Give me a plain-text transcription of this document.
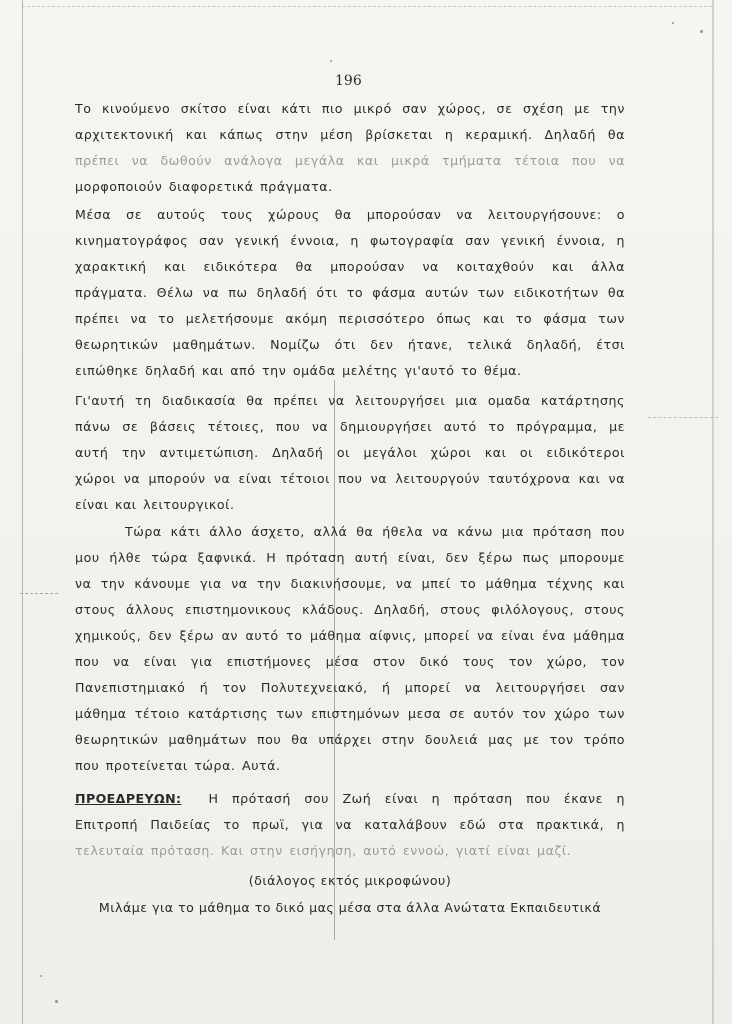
196
Το κινούμενο σκίτσο είναι κάτι πιο μικρό σαν χώρος, σε σχέση με την
αρχιτεκτονική και κάπως στην μέση βρίσκεται η κεραμική. Δηλαδή θα
πρέπει να δωθούν ανάλογα μεγάλα και μικρά τμήματα τέτοια που να
μορφοποιούν διαφορετικά πράγματα.
Μέσα σε αυτούς τους χώρους θα μπορούσαν να λειτουργήσουνε: ο
κινηματογράφος σαν γενική έννοια, η φωτογραφία σαν γενική έννοια, η
χαρακτική και ειδικότερα θα μπορούσαν να κοιταχθούν και άλλα
πράγματα. Θέλω να πω δηλαδή ότι το φάσμα αυτών των ειδικοτήτων θα
πρέπει να το μελετήσουμε ακόμη περισσότερο όπως και το φάσμα των
θεωρητικών μαθημάτων. Νομίζω ότι δεν ήτανε, τελικά δηλαδή, έτσι
ειπώθηκε δηλαδή και από την ομάδα μελέτης γι'αυτό το θέμα.
Γι'αυτή τη διαδικασία θα πρέπει να λειτουργήσει μια ομαδα κατάρτησης
πάνω σε βάσεις τέτοιες, που να δημιουργήσει αυτό το πρόγραμμα, με
αυτή την αντιμετώπιση. Δηλαδή οι μεγάλοι χώροι και οι ειδικότεροι
χώροι να μπορούν να είναι τέτοιοι που να λειτουργούν ταυτόχρονα και να
είναι και λειτουργικοί.
Τώρα κάτι άλλο άσχετο, αλλά θα ήθελα να κάνω μια πρόταση που
μου ήλθε τώρα ξαφνικά. Η πρόταση αυτή είναι, δεν ξέρω πως μπορουμε
να την κάνουμε για να την διακινήσουμε, να μπεί το μάθημα τέχνης και
στους άλλους επιστημονικους κλάδους. Δηλαδή, στους φιλόλογους, στους
χημικούς, δεν ξέρω αν αυτό το μάθημα αίφνις, μπορεί να είναι ένα μάθημα
που να είναι για επιστήμονες μέσα στον δικό τους τον χώρο, τον
Πανεπιστημιακό ή τον Πολυτεχνειακό, ή μπορεί να λειτουργήσει σαν
μάθημα τέτοιο κατάρτισης των επιστημόνων μεσα σε αυτόν τον χώρο των
θεωρητικών μαθημάτων που θα υπάρχει στην δουλειά μας με τον τρόπο
που προτείνεται τώρα. Αυτά.
ΠΡΟΕΔΡΕΥΩΝ: Η πρότασή σου Ζωή είναι η πρόταση που έκανε η
Επιτροπή Παιδείας το πρωϊ, για να καταλάβουν εδώ στα πρακτικά, η
τελευταία πρόταση. Και στην εισήγηση, αυτό εννοώ, γιατί είναι μαζί.
(διάλογος εκτός μικροφώνου)
Μιλάμε για το μάθημα το δικό μας μέσα στα άλλα Ανώτατα Εκπαιδευτικά
